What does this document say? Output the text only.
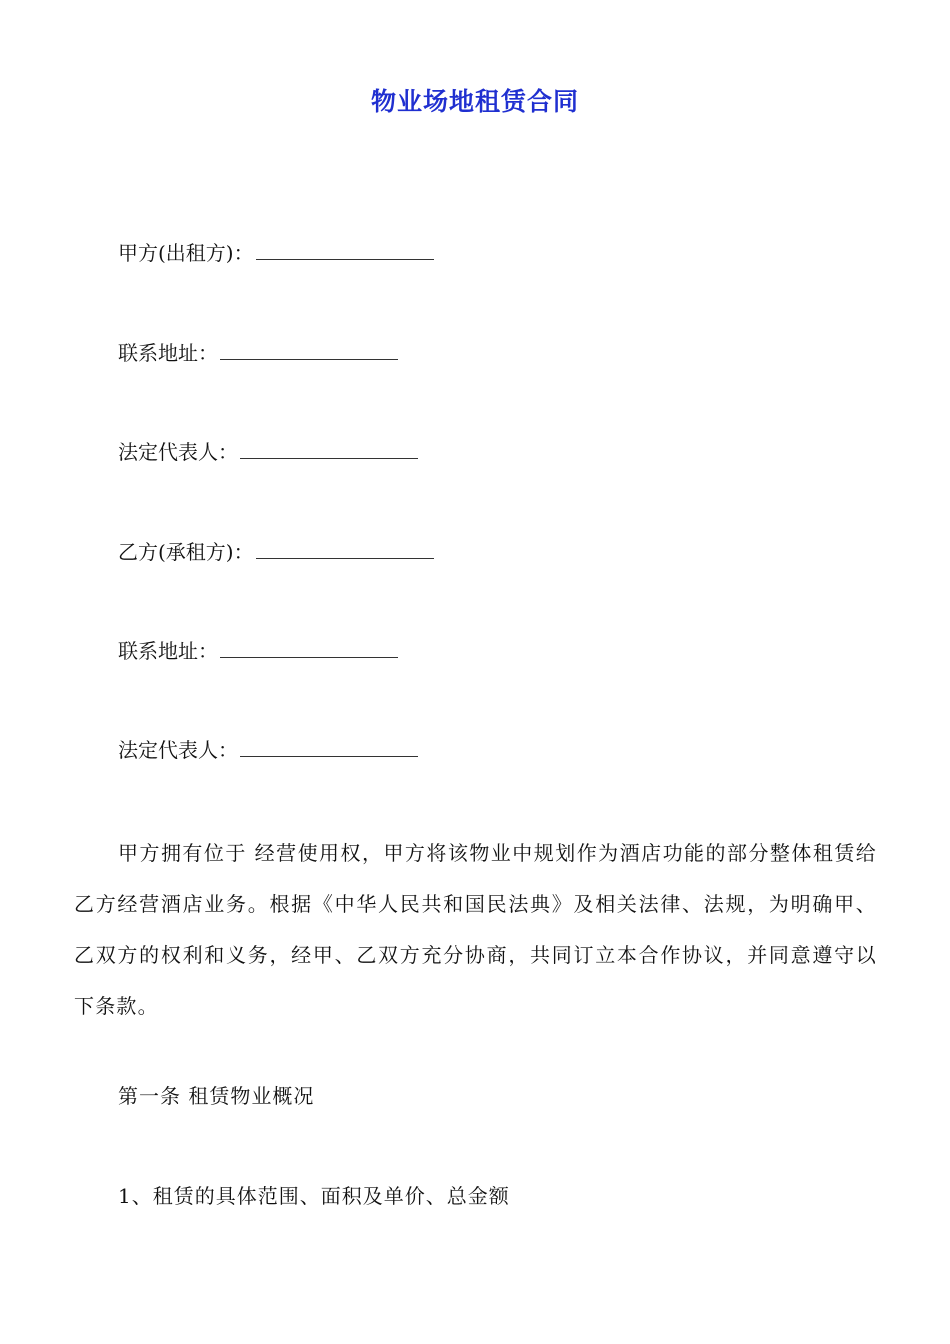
物业场地租赁合同
甲方(出租方)：
联系地址：
法定代表人：
乙方(承租方)：
联系地址：
法定代表人：
甲方拥有位于 经营使用权，甲方将该物业中规划作为酒店功能的部分整体租赁给乙方经营酒店业务。根据《中华人民共和国民法典》及相关法律、法规，为明确甲、乙双方的权利和义务，经甲、乙双方充分协商，共同订立本合作协议，并同意遵守以下条款。
第一条 租赁物业概况
1、租赁的具体范围、面积及单价、总金额
